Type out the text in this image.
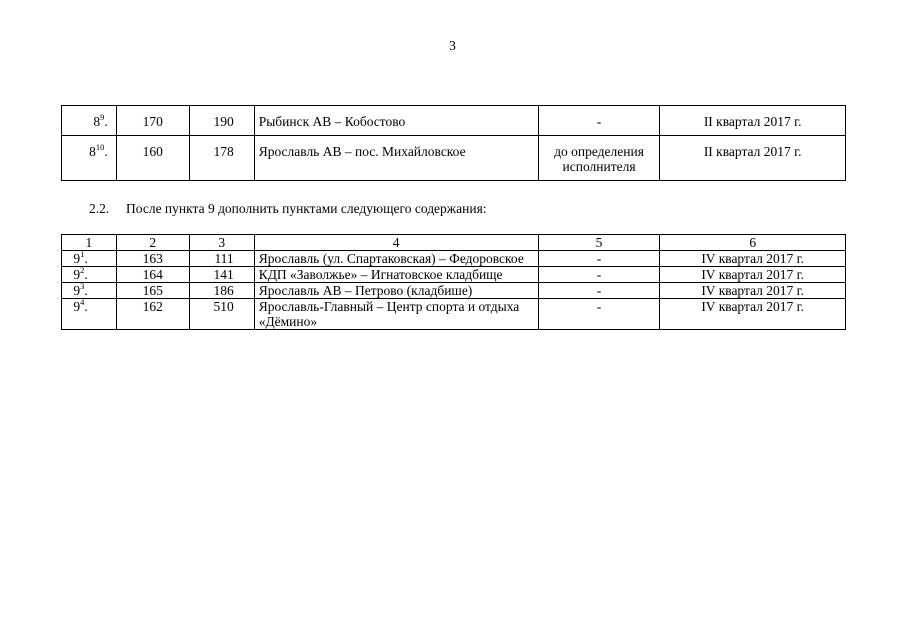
3
$8^9$.	170	190	Рыбинск АВ – Кобостово	-	II квартал 2017 г.
$8^{10}$.	160	178	Ярославль АВ – пос. Михайловское	до определения исполнителя	II квартал 2017 г.
2.2. После пункта 9 дополнить пунктами следующего содержания:
1	2	3	4	5	6
$9^1$.	163	111	Ярославль (ул. Спартаковская) – Федоровское	-	IV квартал 2017 г.
$9^2$.	164	141	КДП «Заволжье» – Игнатовское кладбище	-	IV квартал 2017 г.
$9^3$.	165	186	Ярославль АВ – Петрово (кладбише)	-	IV квартал 2017 г.
$9^4$.	162	510	Ярославль-Главный – Центр спорта и отдыха «Дёмино»	-	IV квартал 2017 г.
